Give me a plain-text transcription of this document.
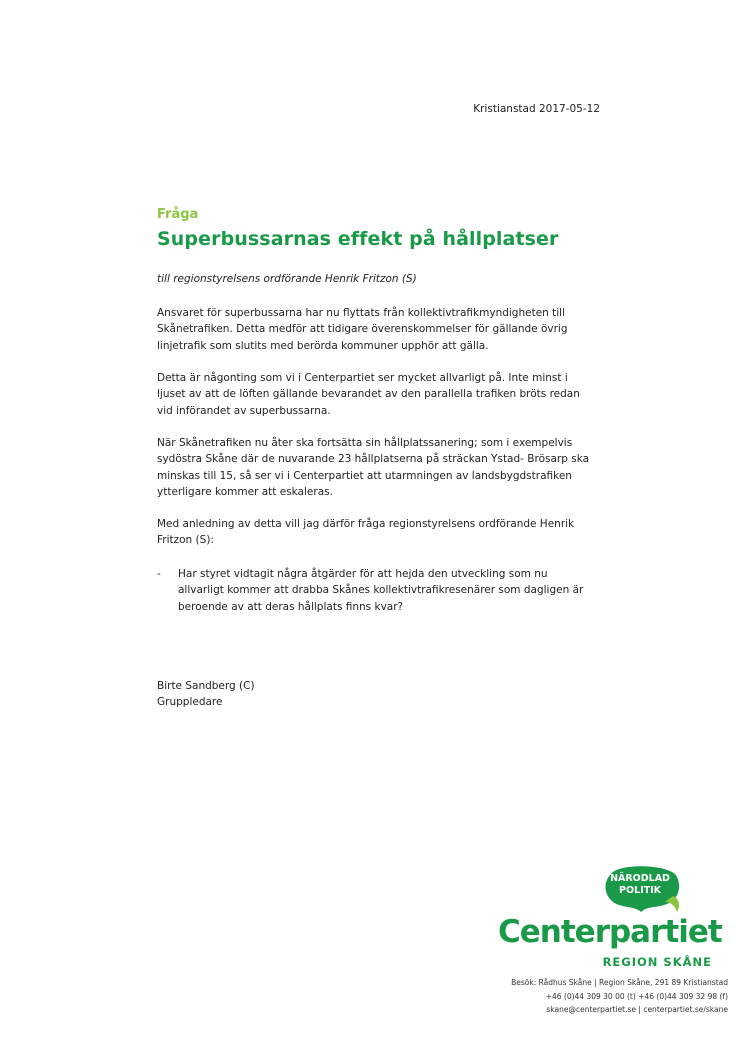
Kristianstad 2017-05-12
Fråga
Superbussarnas effekt på hållplatser
till regionstyrelsens ordförande Henrik Fritzon (S)

Ansvaret för superbussarna har nu flyttats från kollektivtrafikmyndigheten till Skånetrafiken. Detta medför att tidigare överenskommelser för gällande övrig linjetrafik som slutits med berörda kommuner upphör att gälla.

Detta är någonting som vi i Centerpartiet ser mycket allvarligt på. Inte minst i ljuset av att de löften gällande bevarandet av den parallella trafiken bröts redan vid införandet av superbussarna.

När Skånetrafiken nu åter ska fortsätta sin hållplatssanering; som i exempelvis sydöstra Skåne där de nuvarande 23 hållplatserna på sträckan Ystad- Brösarp ska minskas till 15, så ser vi i Centerpartiet att utarmningen av landsbygdstrafiken ytterligare kommer att eskaleras.

Med anledning av detta vill jag därför fråga regionstyrelsens ordförande Henrik Fritzon (S):

- Har styret vidtagit några åtgärder för att hejda den utveckling som nu allvarligt kommer att drabba Skånes kollektivtrafikresenärer som dagligen är beroende av att deras hållplats finns kvar?
Birte Sandberg (C)
Gruppledare
NÄRODLAD
POLITIK
Centerpartiet
REGION SKÅNE
Besök: Rådhus Skåne | Region Skåne, 291 89 Kristianstad
+46 (0)44 309 30 00 (t) +46 (0)44 309 32 98 (f)
skane@centerpartiet.se | centerpartiet.se/skane
